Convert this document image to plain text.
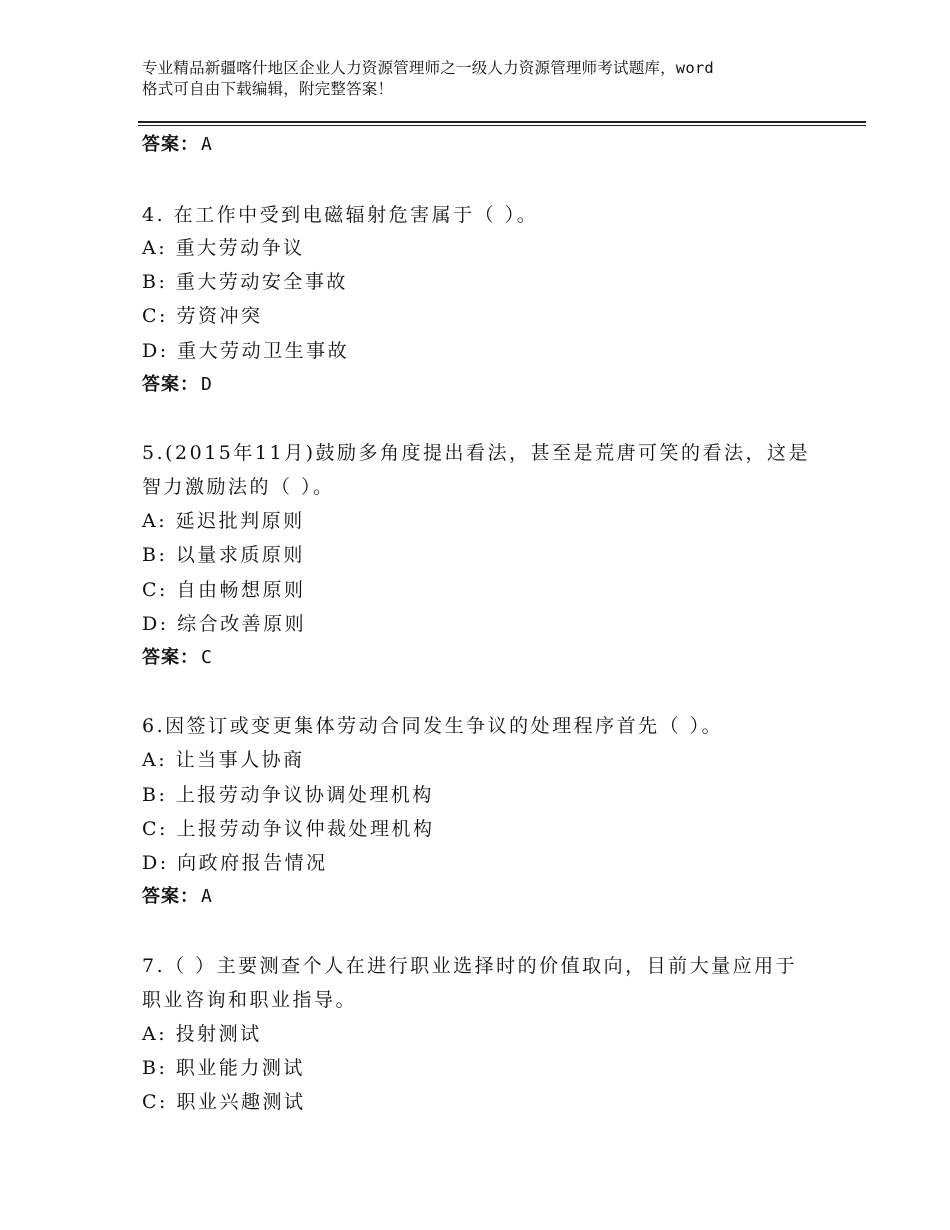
专业精品新疆喀什地区企业人力资源管理师之一级人力资源管理师考试题库，word
格式可自由下载编辑，附完整答案！
答案： A
4. 在工作中受到电磁辐射危害属于（ ）。
A: 重大劳动争议
B: 重大劳动安全事故
C: 劳资冲突
D: 重大劳动卫生事故
答案： D
5.(2015年11月)鼓励多角度提出看法，甚至是荒唐可笑的看法，这是
智力激励法的（ ）。
A: 延迟批判原则
B: 以量求质原则
C: 自由畅想原则
D: 综合改善原则
答案： C
6.因签订或变更集体劳动合同发生争议的处理程序首先（ ）。
A: 让当事人协商
B: 上报劳动争议协调处理机构
C: 上报劳动争议仲裁处理机构
D: 向政府报告情况
答案： A
7.（ ）主要测查个人在进行职业选择时的价值取向，目前大量应用于
职业咨询和职业指导。
A: 投射测试
B: 职业能力测试
C: 职业兴趣测试
